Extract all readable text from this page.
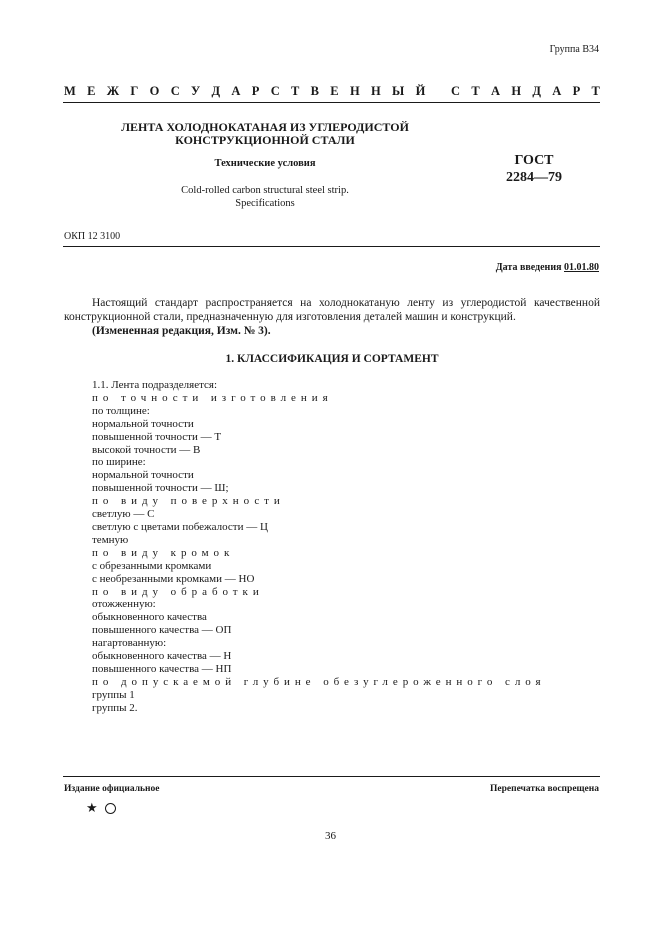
Группа В34
М Е Ж Г О С У Д А Р С Т В Е Н Н Ы Й
С Т А Н Д А Р Т
ЛЕНТА ХОЛОДНОКАТАНАЯ ИЗ УГЛЕРОДИСТОЙ
КОНСТРУКЦИОННОЙ СТАЛИ
Технические условия
Cold-rolled carbon structural steel strip.
Specifications
ГОСТ
2284—79
ОКП 12 3100
Дата введения 01.01.80

Настоящий стандарт распространяется на холоднокатаную ленту из углеродистой качественной конструкционной стали, предназначенную для изготовления деталей машин и конструкций.

(Измененная редакция, Изм. № 3).

1. КЛАССИФИКАЦИЯ И СОРТАМЕНТ
1.1. Лента подразделяется:
по точности изготовления
по толщине:
нормальной точности
повышенной точности — Т
высокой точности — В
по ширине:
нормальной точности
повышенной точности — Ш;
по виду поверхности
светлую — С
светлую с цветами побежалости — Ц
темную
по виду кромок
с обрезанными кромками
с необрезанными кромками — НО
по виду обработки
отожженную:
обыкновенного качества
повышенного качества — ОП
нагартованную:
обыкновенного качества — Н
повышенного качества — НП
по допускаемой глубине обезуглероженного слоя
группы 1
группы 2.
Издание официальное	Перепечатка воспрещена
★
36
